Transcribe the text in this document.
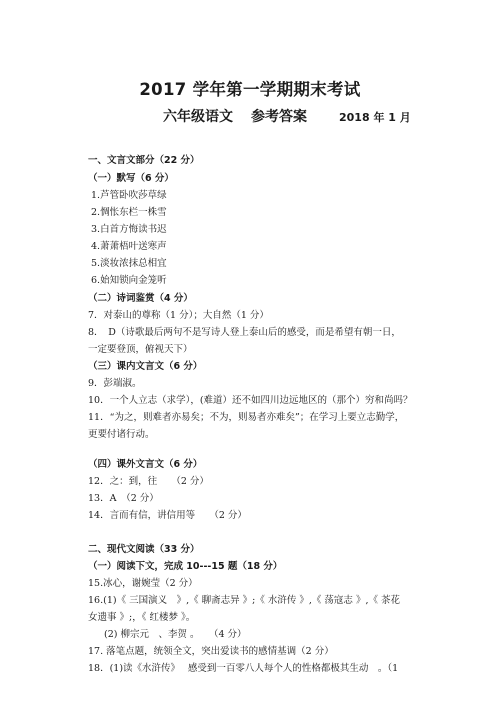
2017 学年第一学期期末考试
六年级语文 参考答案	2018 年 1 月
一、文言文部分（22 分）
（一）默写（6 分）
1.芦管卧吹莎草绿
2.惆怅东栏一株雪
3.白首方悔读书迟
4.萧萧梧叶送寒声
5.淡妆浓抹总相宜
6.始知锁向金笼听
（二）诗词鉴赏（4 分）
7．对泰山的尊称（1 分）；大自然（1 分）
8．　D（诗歌最后两句不是写诗人登上泰山后的感受，而是希望有朝一日，
一定要登顶，俯视天下）
（三）课内文言文（6 分）
9．彭端淑。
10．一个人立志（求学），(难道）还不如四川边远地区的（那个）穷和尚吗？
11．“为之，则难者亦易矣；不为，则易者亦难矣”；在学习上要立志勤学，
更要付诸行动。
（四）课外文言文（6 分）
12．之：到，往　　（2 分）
13．A　（2 分）
14．言而有信，讲信用等　　（2 分）
二、现代文阅读（33 分）
（一）阅读下文，完成 10---15 题（18 分）
15.冰心，谢婉莹（2 分）
16.(1)《 三国演义　》,《 聊斋志异 》;《 水浒传 》,《 荡寇志 》,《 茶花
女遗事 》;，《 红楼梦 》。
(2) 柳宗元　、李贺 。　　（4 分）
17. 落笔点题，统领全文，突出爱读书的感情基调（2 分）
18．(1)读《水浒传》　 感受到一百零八人每个人的性格都极其生动　。（1
